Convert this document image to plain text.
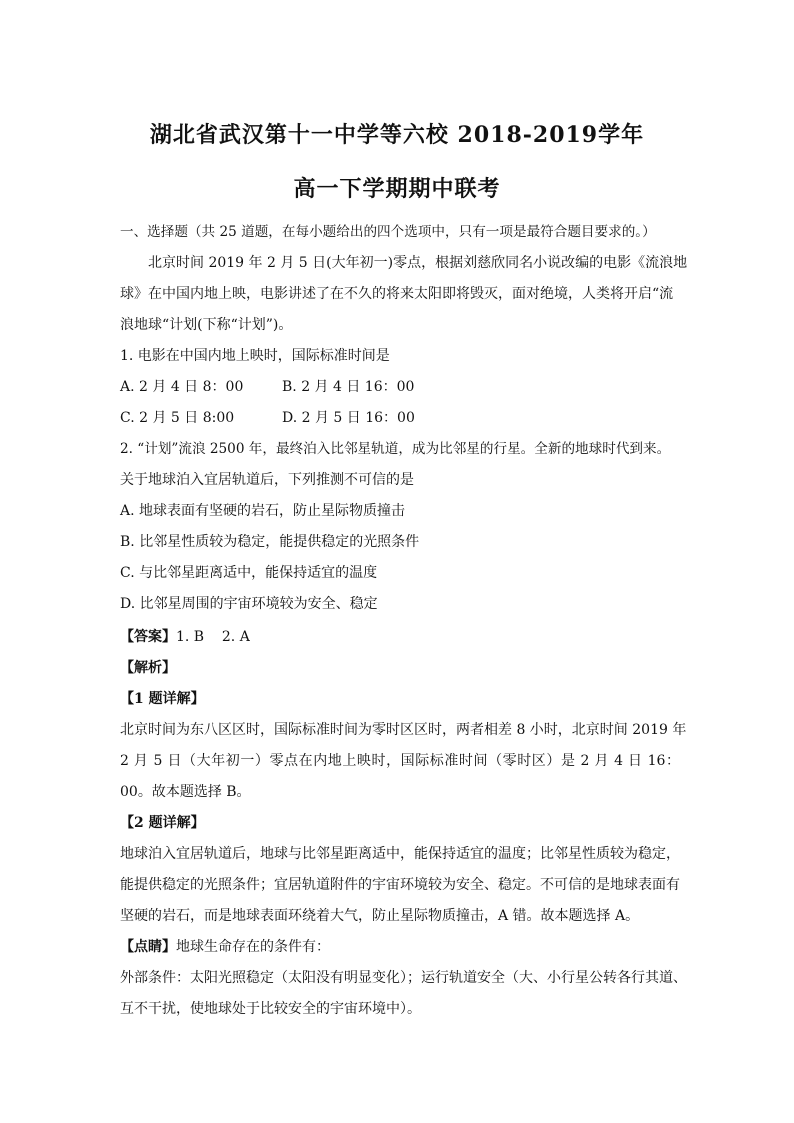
湖北省武汉第十一中学等六校 2018-2019学年
高一下学期期中联考
一、选择题（共 25 道题，在每小题给出的四个选项中，只有一项是最符合题目要求的。）
北京时间 2019 年 2 月 5 日(大年初一)零点，根据刘慈欣同名小说改编的电影《流浪地
球》在中国内地上映，电影讲述了在不久的将来太阳即将毁灭，面对绝境，人类将开启“流
浪地球“计划(下称“计划”)。
1. 电影在中国内地上映时，国际标准时间是
A. 2 月 4 日 8：00	B. 2 月 4 日 16：00
C. 2 月 5 日 8:00	D. 2 月 5 日 16：00
2. “计划”流浪 2500 年，最终泊入比邻星轨道，成为比邻星的行星。全新的地球时代到来。
关于地球泊入宜居轨道后，下列推测不可信的是
A. 地球表面有坚硬的岩石，防止星际物质撞击
B. 比邻星性质较为稳定，能提供稳定的光照条件
C. 与比邻星距离适中，能保持适宜的温度
D. 比邻星周围的宇宙环境较为安全、稳定
【答案】1. B    2. A
【解析】
【1 题详解】
北京时间为东八区区时，国际标准时间为零时区区时，两者相差 8 小时，北京时间 2019 年
2 月 5 日（大年初一）零点在内地上映时，国际标准时间（零时区）是 2 月 4 日 16：
00。故本题选择 B。
【2 题详解】
地球泊入宜居轨道后，地球与比邻星距离适中，能保持适宜的温度；比邻星性质较为稳定，
能提供稳定的光照条件；宜居轨道附件的宇宙环境较为安全、稳定。不可信的是地球表面有
坚硬的岩石，而是地球表面环绕着大气，防止星际物质撞击，A 错。故本题选择 A。
【点睛】地球生命存在的条件有：
外部条件：太阳光照稳定（太阳没有明显变化）；运行轨道安全（大、小行星公转各行其道、
互不干扰，使地球处于比较安全的宇宙环境中）。
